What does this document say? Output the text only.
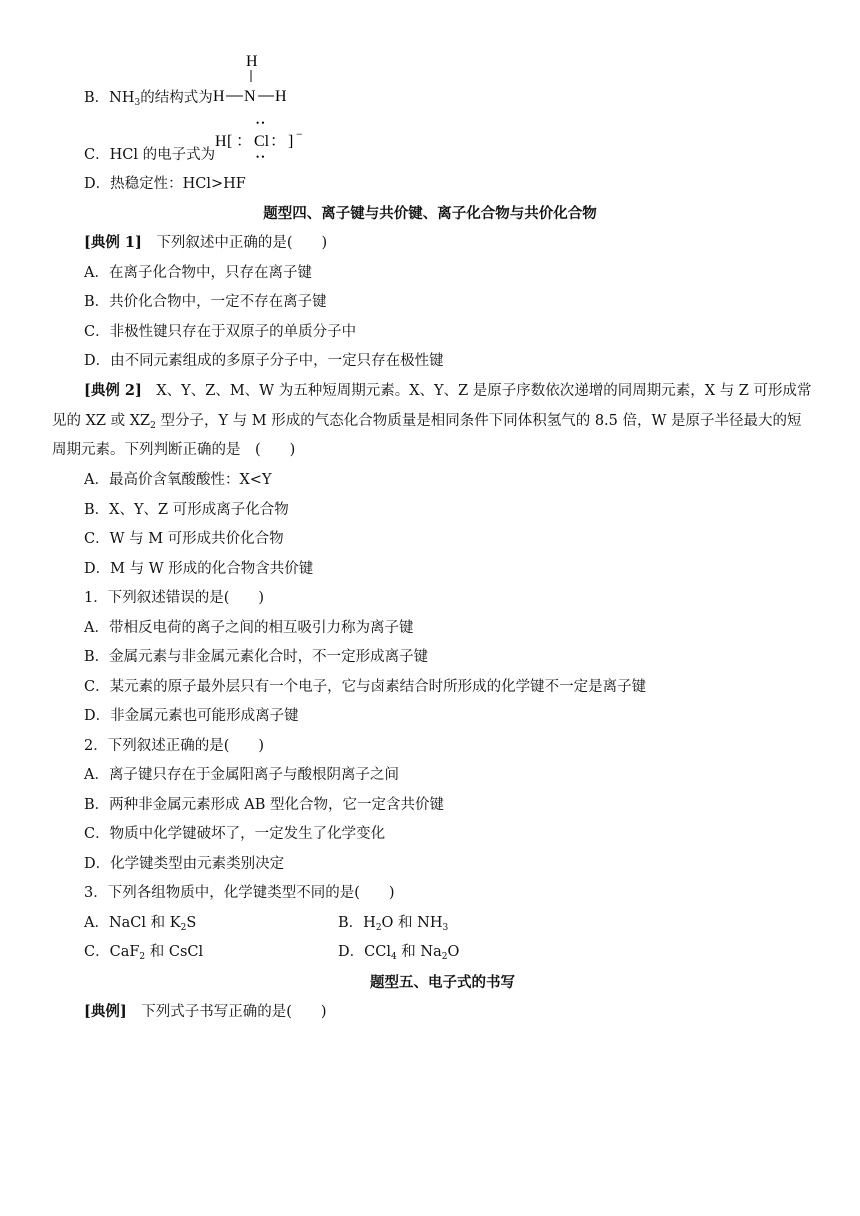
B．$NH_3$的结构式为
H
H N H
C．HCl 的电子式为
• •
H [ ： Cl ： ] −
• •
D．热稳定性：HCl>HF
题型四、离子键与共价键、离子化合物与共价化合物
[典例 1]　下列叙述中正确的是(　　)
A．在离子化合物中，只存在离子键
B．共价化合物中，一定不存在离子键
C．非极性键只存在于双原子的单质分子中
D．由不同元素组成的多原子分子中，一定只存在极性键
[典例 2]　X、Y、Z、M、W 为五种短周期元素。X、Y、Z 是原子序数依次递增的同周期元素，X 与 Z 可形成常见的 XZ 或 $XZ_2$ 型分子，Y 与 M 形成的气态化合物质量是相同条件下同体积氢气的 8.5 倍，W 是原子半径最大的短周期元素。下列判断正确的是　(　　)
A．最高价含氧酸酸性：X<Y
B．X、Y、Z 可形成离子化合物
C．W 与 M 可形成共价化合物
D．M 与 W 形成的化合物含共价键
1．下列叙述错误的是(　　)
A．带相反电荷的离子之间的相互吸引力称为离子键
B．金属元素与非金属元素化合时，不一定形成离子键
C．某元素的原子最外层只有一个电子，它与卤素结合时所形成的化学键不一定是离子键
D．非金属元素也可能形成离子键
2．下列叙述正确的是(　　)
A．离子键只存在于金属阳离子与酸根阴离子之间
B．两种非金属元素形成 AB 型化合物，它一定含共价键
C．物质中化学键破坏了，一定发生了化学变化
D．化学键类型由元素类别决定
3．下列各组物质中，化学键类型不同的是(　　)
A．NaCl 和 $K_2S$	B．$H_2O$ 和 $NH_3$
C．CaF$_2$ 和 CsCl	D．CCl$_4$ 和 $Na_2O$
题型五、电子式的书写
[典例]　下列式子书写正确的是(　　)
